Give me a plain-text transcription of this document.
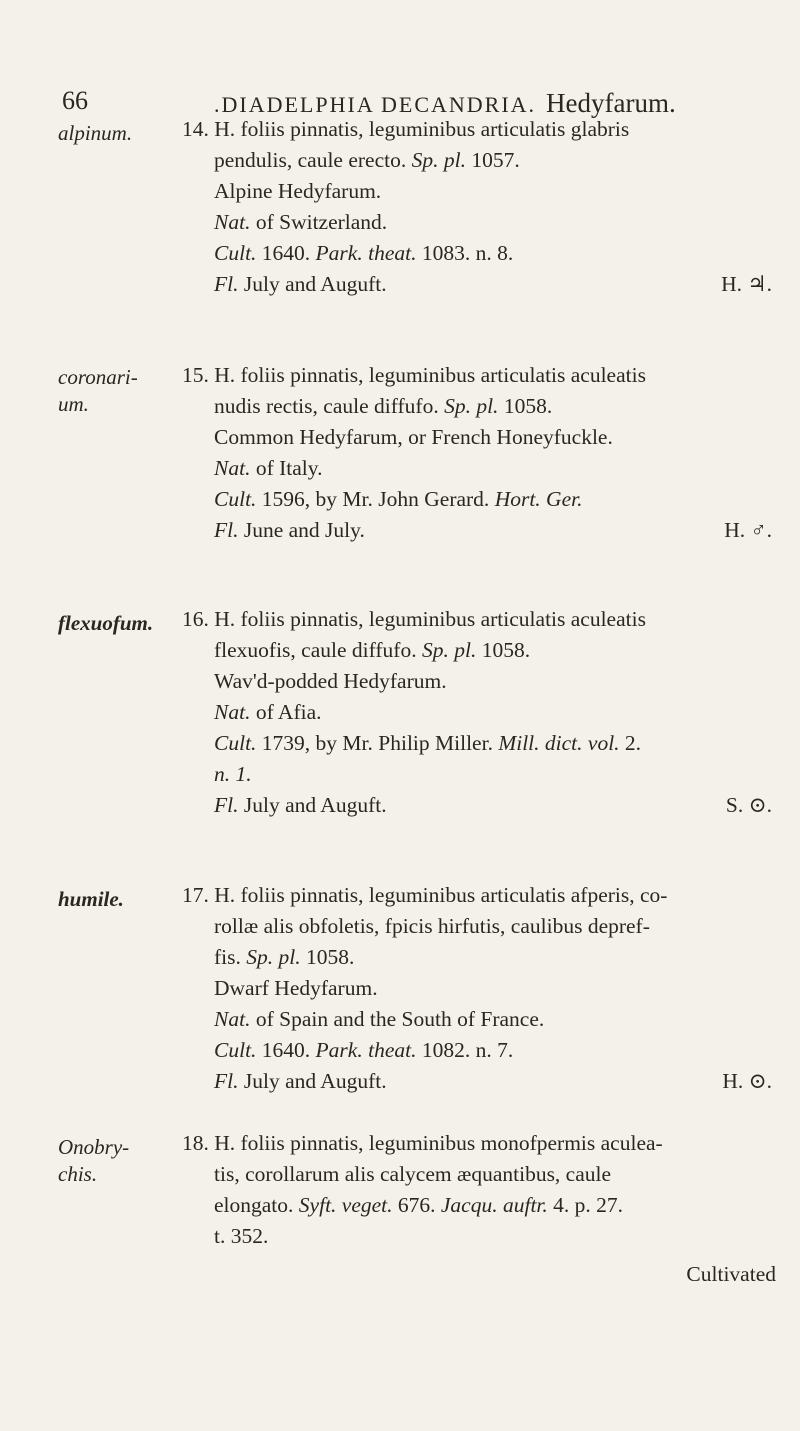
66	.DIADELPHIA DECANDRIA. Hedyfarum.
alpinum.	14. H. foliis pinnatis, leguminibus articulatis glabris
pendulis, caule erecto. Sp. pl. 1057.
Alpine Hedyfarum.
Nat. of Switzerland.
Cult. 1640. Park. theat. 1083. n. 8.
Fl. July and Auguft.	H. ♃.
coronari-
um.
15. H. foliis pinnatis, leguminibus articulatis aculeatis
nudis rectis, caule diffufo. Sp. pl. 1058.
Common Hedyfarum, or French Honeyfuckle.
Nat. of Italy.
Cult. 1596, by Mr. John Gerard. Hort. Ger.
Fl. June and July.	H. ♂.
flexuofum. 16. H. foliis pinnatis, leguminibus articulatis aculeatis
flexuofis, caule diffufo. Sp. pl. 1058.
Wav'd-podded Hedyfarum.
Nat. of Afia.
Cult. 1739, by Mr. Philip Miller. Mill. dict. vol. 2.
n. 1.
Fl. July and Auguft.	S. ⊙.
humile.	17. H. foliis pinnatis, leguminibus articulatis afperis, co-
rollæ alis obfoletis, fpicis hirfutis, caulibus depref-
fis. Sp. pl. 1058.
Dwarf Hedyfarum.
Nat. of Spain and the South of France.
Cult. 1640. Park. theat. 1082. n. 7.
Fl. July and Auguft.	H. ⊙.
Onobry-
chis.
18. H. foliis pinnatis, leguminibus monofpermis aculea-
tis, corollarum alis calycem æquantibus, caule
elongato. Syft. veget. 676. Jacqu. auftr. 4. p. 27.
t. 352.
Cultivated
